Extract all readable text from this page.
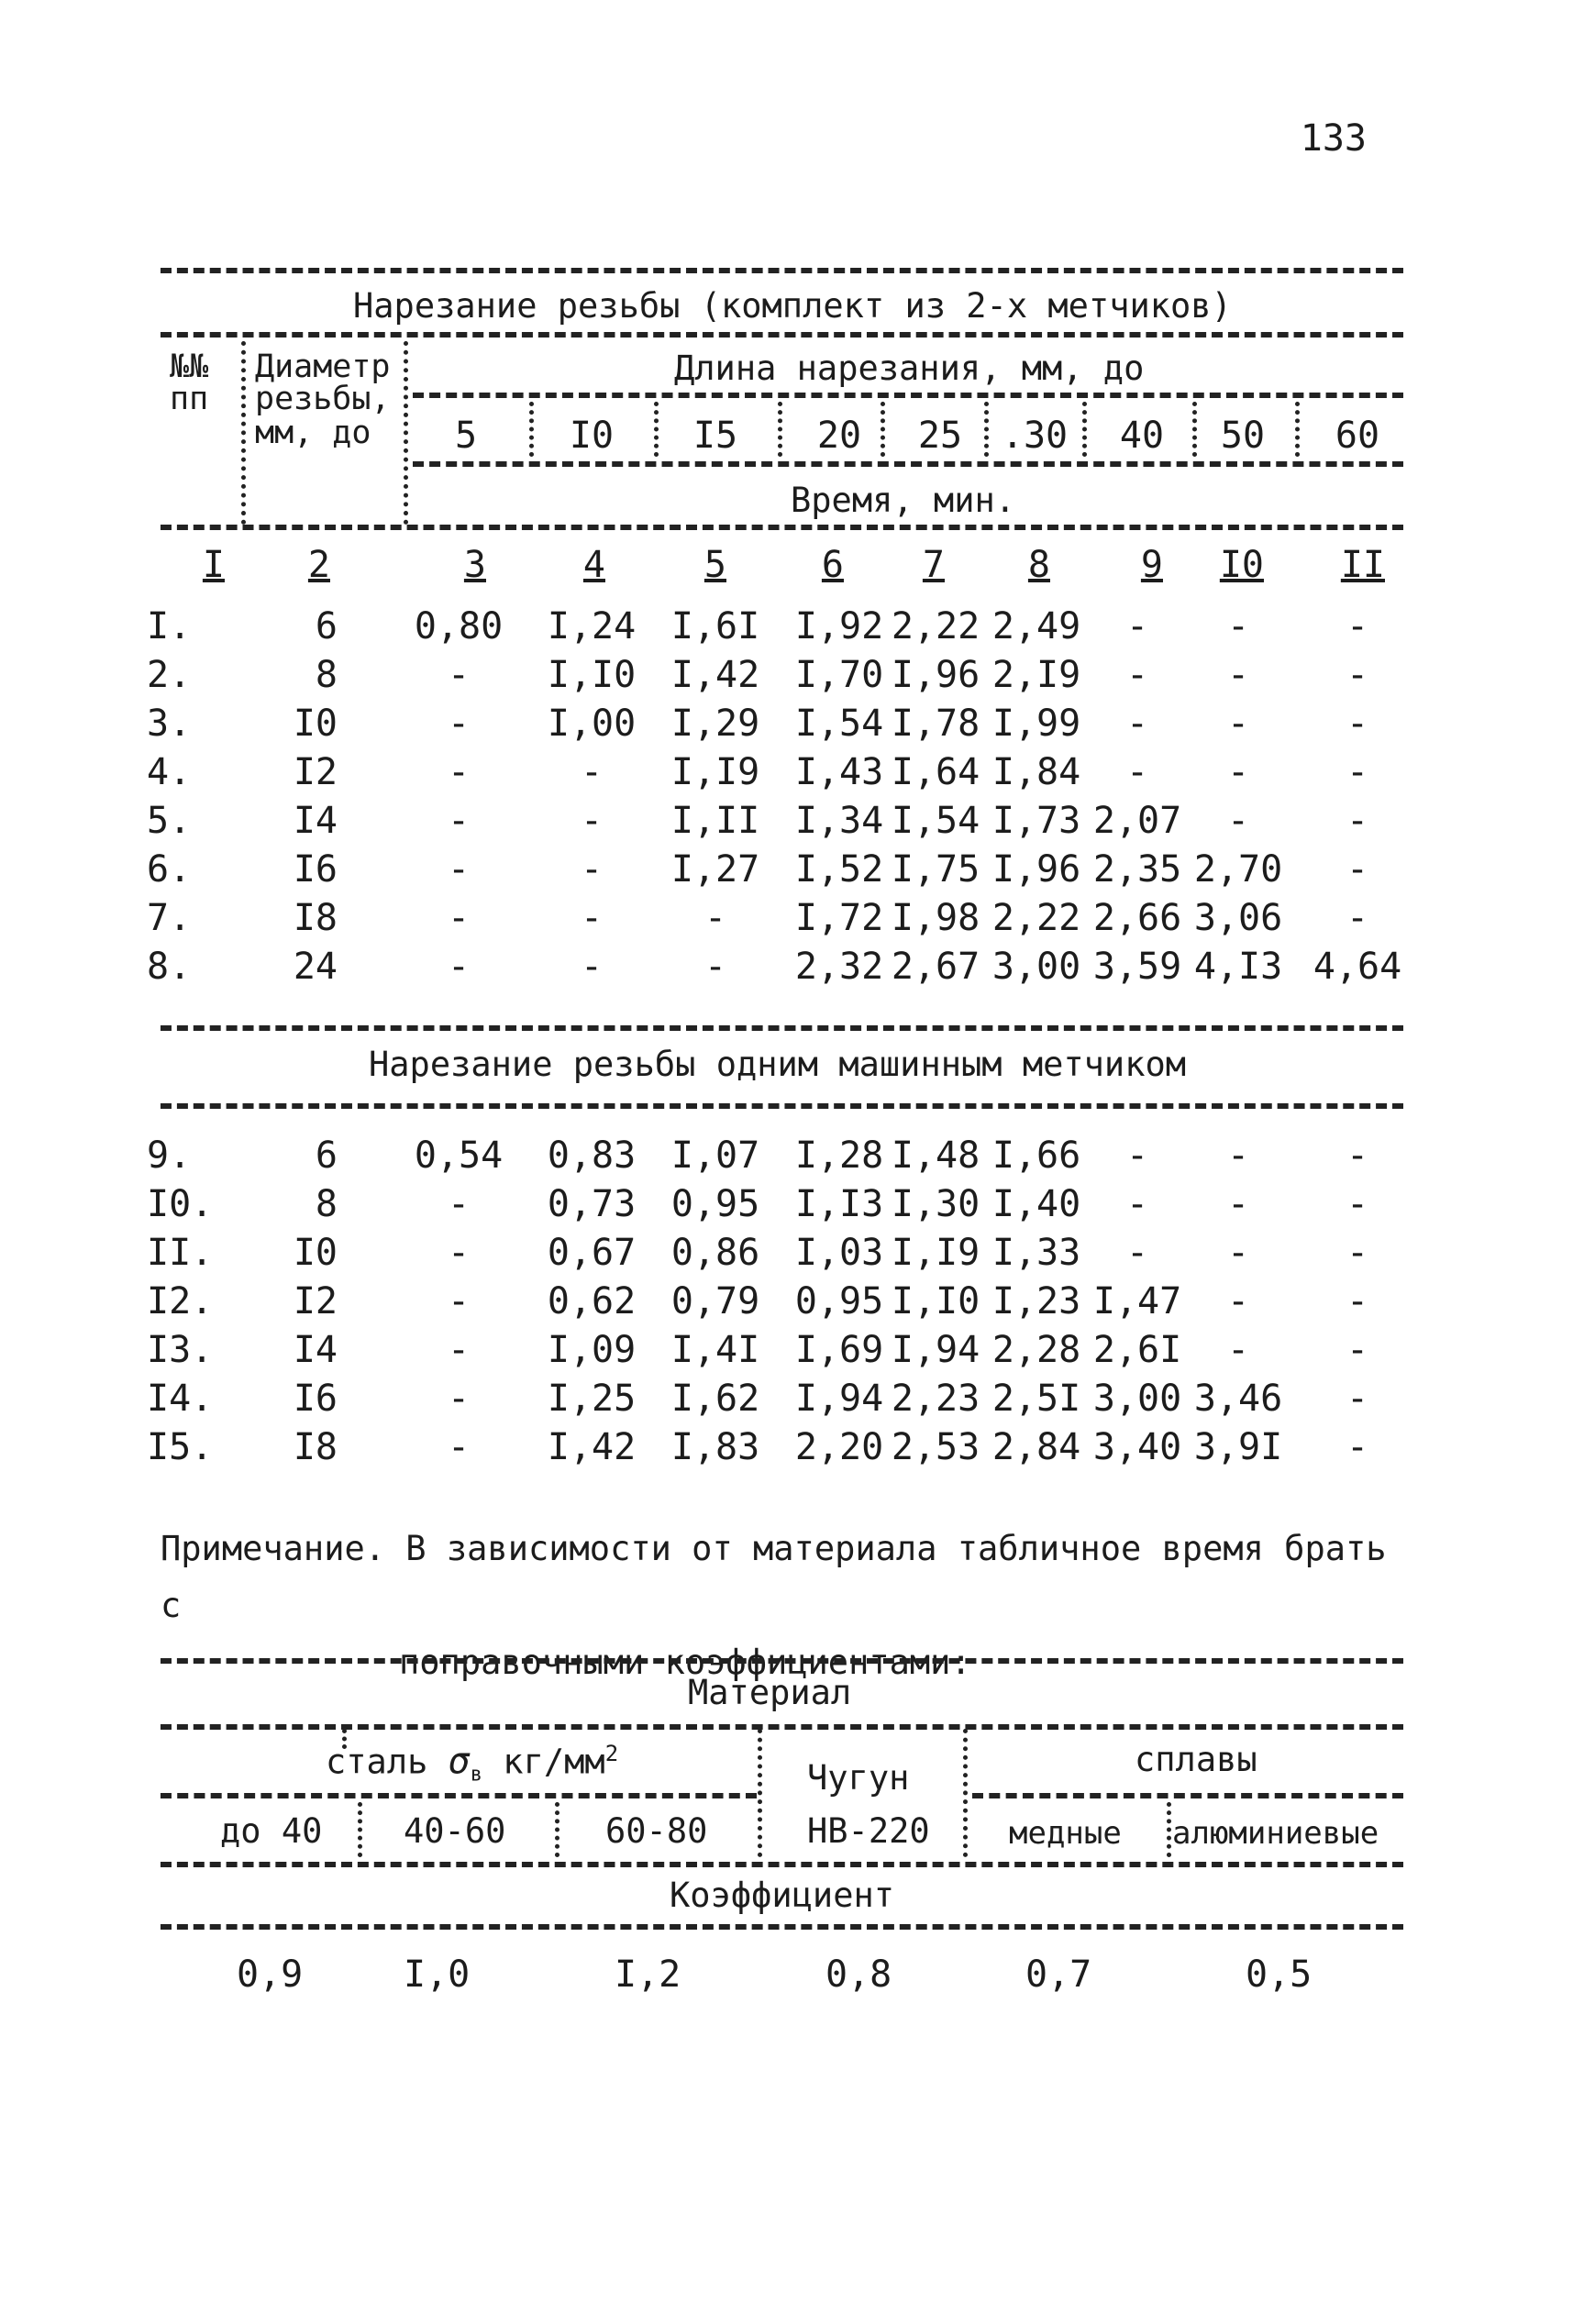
133
Нарезание резьбы (комплект из 2-х метчиков)
№№
пп
Диаметр
резьбы,
мм, до
Длина нарезания, мм, до
5	I0	I5	20	25	.30	40	50	60
Время, мин.
I	2	3	4	5	6	7	8	9 I0 II
I.	6 0,80 I,24 I,6I I,92 2,22 2,49	-	-	-
2.	8	-	I,I0 I,42 I,70 I,96 2,I9	-	-	-
3.	I0	-	I,00 I,29 I,54 I,78 I,99	-	-	-
4.	I2	-	-	I,I9 I,43 I,64 I,84	-	-	-
5.	I4	-	-	I,II I,34 I,54 I,73 2,07	-	-
6.	I6	-	-	I,27 I,52 I,75 I,96 2,35 2,70	-
7.	I8	-	-	-	I,72 I,98 2,22 2,66 3,06	-
8.	24	-	-	-	2,32 2,67 3,00 3,59 4,I3 4,64
Нарезание резьбы одним машинным метчиком
9.	6 0,54 0,83 I,07 I,28 I,48 I,66	-	-	-
I0.	8	-	0,73 0,95 I,I3 I,30 I,40	-	-	-
II.	I0	-	0,67 0,86 I,03 I,I9 I,33	-	-	-
I2.	I2	-	0,62 0,79 0,95 I,I0 I,23 I,47	-	-
I3.	I4	-	I,09 I,4I I,69 I,94 2,28 2,6I	-	-
I4.	I6	-	I,25 I,62 I,94 2,23 2,5I 3,00 3,46	-
I5.	I8	-	I,42 I,83 2,20 2,53 2,84 3,40 3,9I	-
Примечание. В зависимости от материала табличное время брать с
поправочными коэффициентами:
Материал
сталь $\sigma_в$ $кг/мм^2$
Чугун	сплавы
до 40 40-60	60-80	НВ-220	медные алюминиевые
Коэффициент
0,9	I,0	I,2	0,8	0,7	0,5
